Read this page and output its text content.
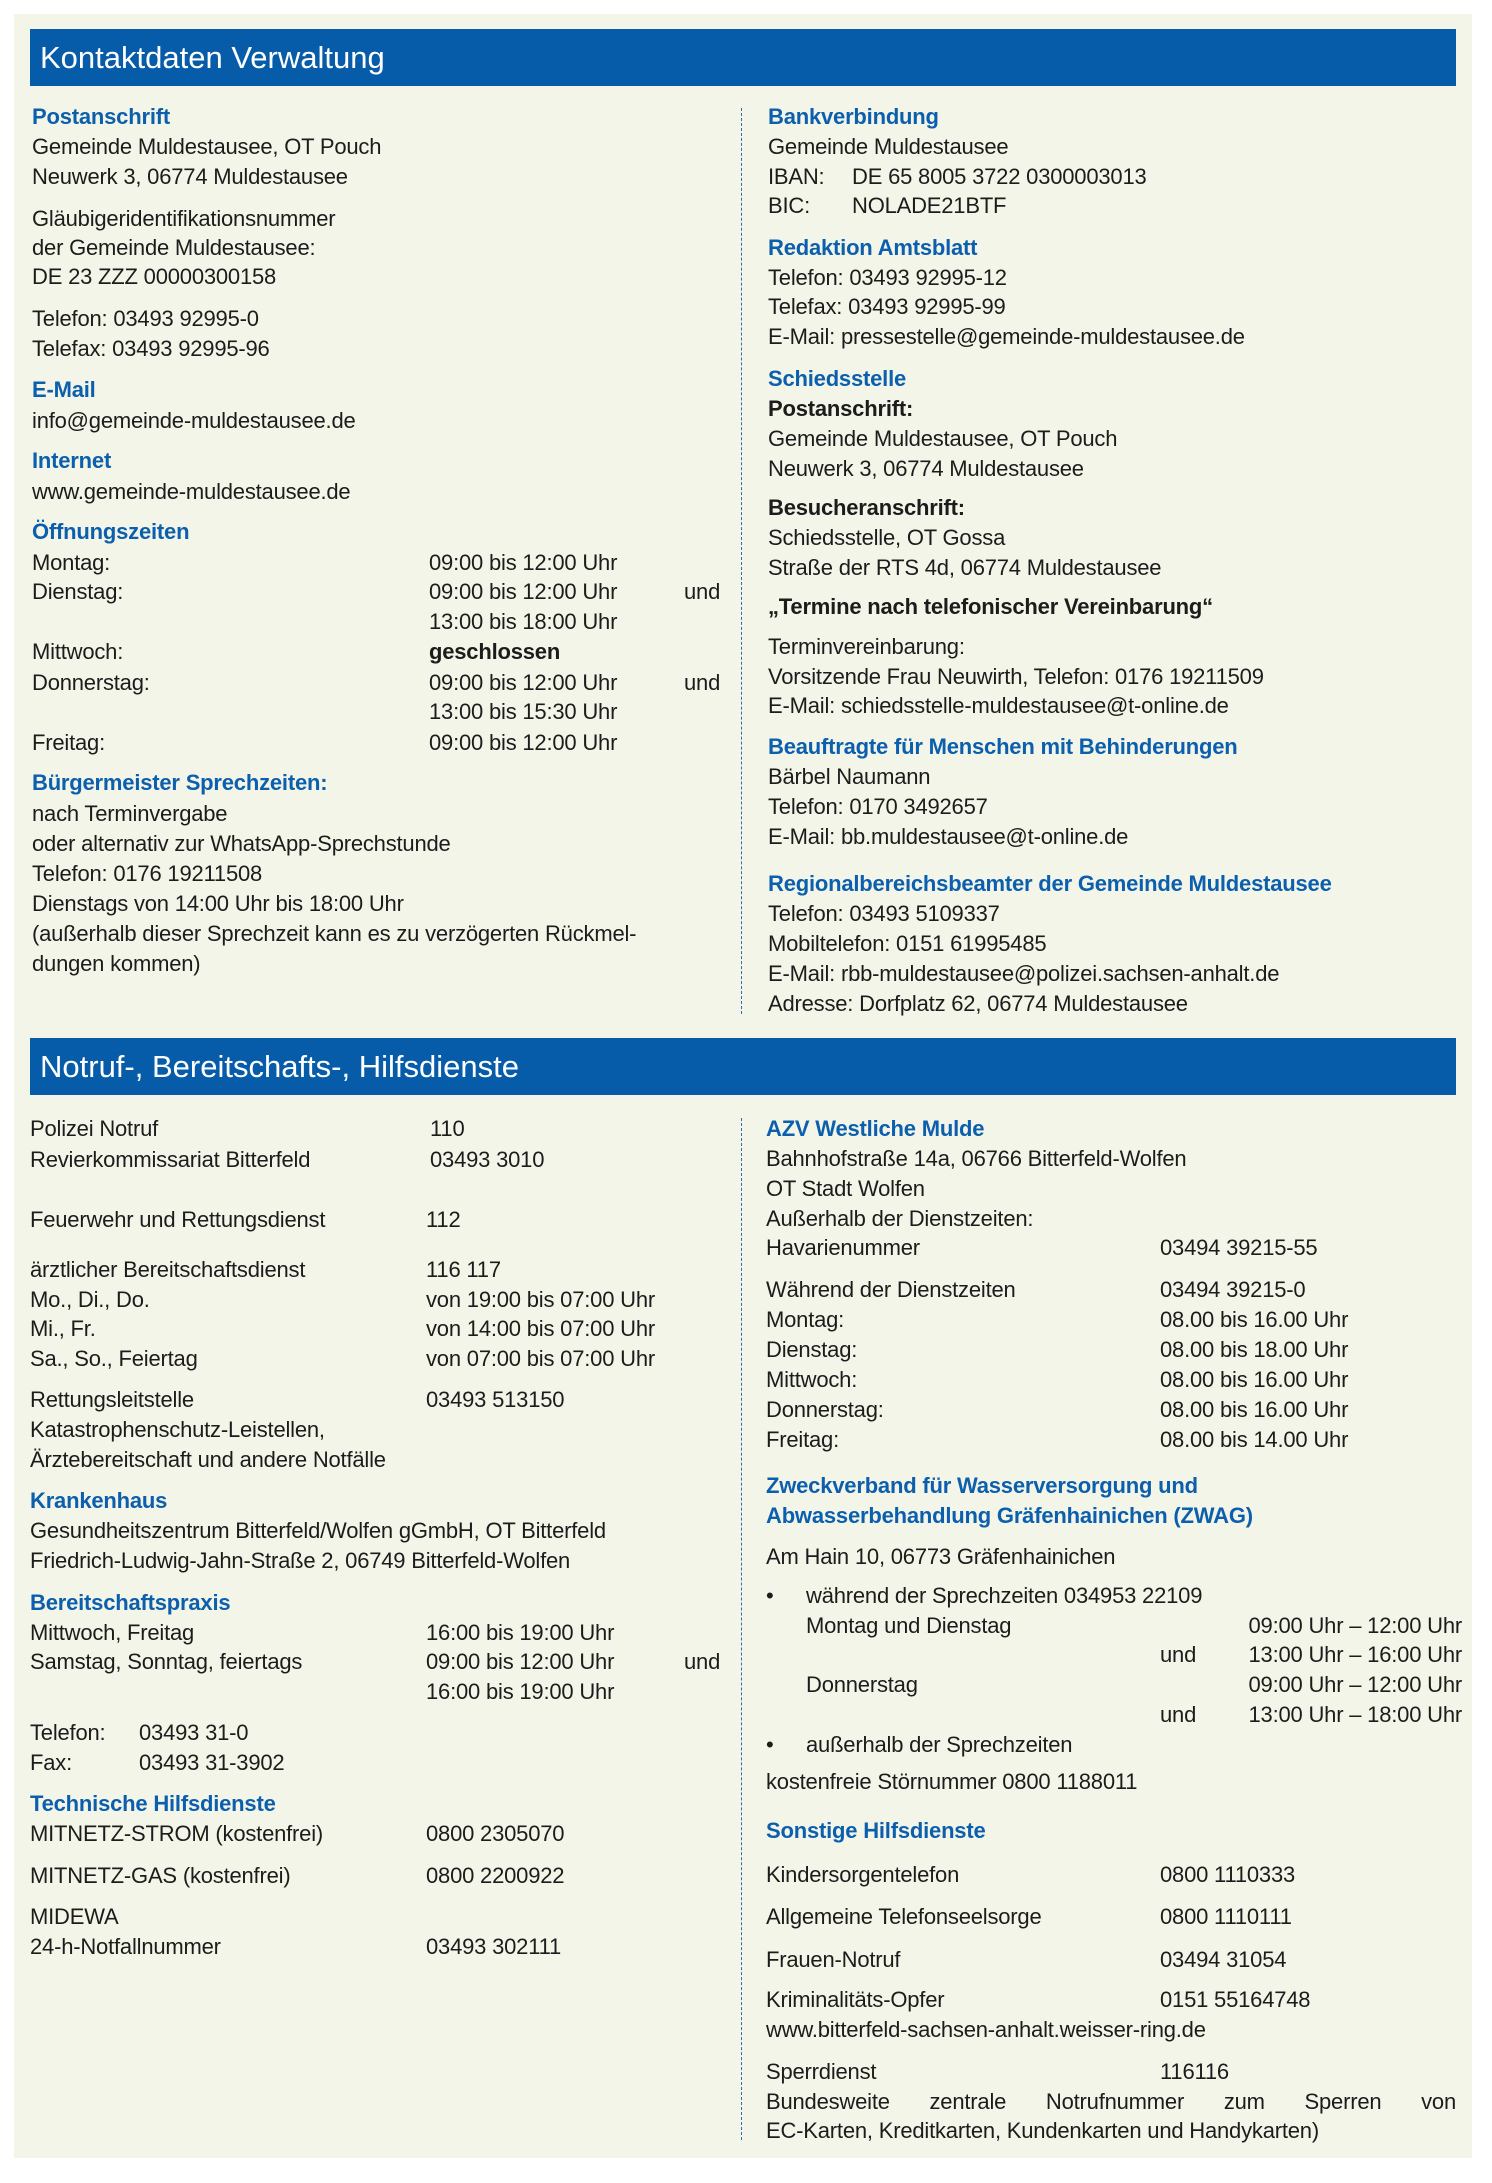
Kontaktdaten Verwaltung
Postanschrift
Gemeinde Muldestausee, OT Pouch
Neuwerk 3, 06774 Muldestausee
Gläubigeridentifikationsnummer
der Gemeinde Muldestausee:
DE 23 ZZZ 00000300158
Telefon: 03493 92995-0
Telefax: 03493 92995-96
E-Mail
info@gemeinde-muldestausee.de
Internet
www.gemeinde-muldestausee.de
Öffnungszeiten
Montag:	09:00 bis 12:00 Uhr
Dienstag:	09:00 bis 12:00 Uhr	und
13:00 bis 18:00 Uhr
Mittwoch:	geschlossen
Donnerstag:	09:00 bis 12:00 Uhr	und
13:00 bis 15:30 Uhr
Freitag:	09:00 bis 12:00 Uhr
Bürgermeister Sprechzeiten:
nach Terminvergabe
oder alternativ zur WhatsApp-Sprechstunde
Telefon: 0176 19211508
Dienstags von 14:00 Uhr bis 18:00 Uhr
(außerhalb dieser Sprechzeit kann es zu verzögerten Rückmel-
dungen kommen)
Bankverbindung
Gemeinde Muldestausee
IBAN: DE 65 8005 3722 0300003013
BIC: NOLADE21BTF
Redaktion Amtsblatt
Telefon: 03493 92995-12
Telefax: 03493 92995-99
E-Mail: pressestelle@gemeinde-muldestausee.de
Schiedsstelle
Postanschrift:
Gemeinde Muldestausee, OT Pouch
Neuwerk 3, 06774 Muldestausee
Besucheranschrift:
Schiedsstelle, OT Gossa
Straße der RTS 4d, 06774 Muldestausee
„Termine nach telefonischer Vereinbarung“
Terminvereinbarung:
Vorsitzende Frau Neuwirth, Telefon: 0176 19211509
E-Mail: schiedsstelle-muldestausee@t-online.de
Beauftragte für Menschen mit Behinderungen
Bärbel Naumann
Telefon: 0170 3492657
E-Mail: bb.muldestausee@t-online.de
Regionalbereichsbeamter der Gemeinde Muldestausee
Telefon: 03493 5109337
Mobiltelefon: 0151 61995485
E-Mail: rbb-muldestausee@polizei.sachsen-anhalt.de
Adresse: Dorfplatz 62, 06774 Muldestausee
Notruf-, Bereitschafts-, Hilfsdienste
Polizei Notruf	110
Revierkommissariat Bitterfeld	03493 3010
Feuerwehr und Rettungsdienst	112
ärztlicher Bereitschaftsdienst	116 117
Mo., Di., Do.	von 19:00 bis 07:00 Uhr
Mi., Fr.	von 14:00 bis 07:00 Uhr
Sa., So., Feiertag	von 07:00 bis 07:00 Uhr
Rettungsleitstelle	03493 513150
Katastrophenschutz-Leistellen,
Ärztebereitschaft und andere Notfälle
Krankenhaus
Gesundheitszentrum Bitterfeld/Wolfen gGmbH, OT Bitterfeld
Friedrich-Ludwig-Jahn-Straße 2, 06749 Bitterfeld-Wolfen
Bereitschaftspraxis
Mittwoch, Freitag	16:00 bis 19:00 Uhr
Samstag, Sonntag, feiertags	09:00 bis 12:00 Uhr	und
16:00 bis 19:00 Uhr
Telefon: 03493 31-0
Fax:	03493 31-3902
Technische Hilfsdienste
MITNETZ-STROM (kostenfrei)	0800 2305070
MITNETZ-GAS (kostenfrei)	0800 2200922
MIDEWA
24-h-Notfallnummer	03493 302111
AZV Westliche Mulde
Bahnhofstraße 14a, 06766 Bitterfeld-Wolfen
OT Stadt Wolfen
Außerhalb der Dienstzeiten:
Havarienummer	03494 39215-55
Während der Dienstzeiten	03494 39215-0
Montag:	08.00 bis 16.00 Uhr
Dienstag:	08.00 bis 18.00 Uhr
Mittwoch:	08.00 bis 16.00 Uhr
Donnerstag:	08.00 bis 16.00 Uhr
Freitag:	08.00 bis 14.00 Uhr
Zweckverband für Wasserversorgung und
Abwasserbehandlung Gräfenhainichen (ZWAG)
Am Hain 10, 06773 Gräfenhainichen
• während der Sprechzeiten 034953 22109
Montag und Dienstag	09:00 Uhr – 12:00 Uhr
und	13:00 Uhr – 16:00 Uhr
Donnerstag	09:00 Uhr – 12:00 Uhr
und	13:00 Uhr – 18:00 Uhr
• außerhalb der Sprechzeiten
kostenfreie Störnummer 0800 1188011
Sonstige Hilfsdienste
Kindersorgentelefon	0800 1110333
Allgemeine Telefonseelsorge	0800 1110111
Frauen-Notruf	03494 31054
Kriminalitäts-Opfer	0151 55164748
www.bitterfeld-sachsen-anhalt.weisser-ring.de
Sperrdienst	116116
Bundesweite zentrale Notrufnummer zum Sperren von
EC-Karten, Kreditkarten, Kundenkarten und Handykarten)
